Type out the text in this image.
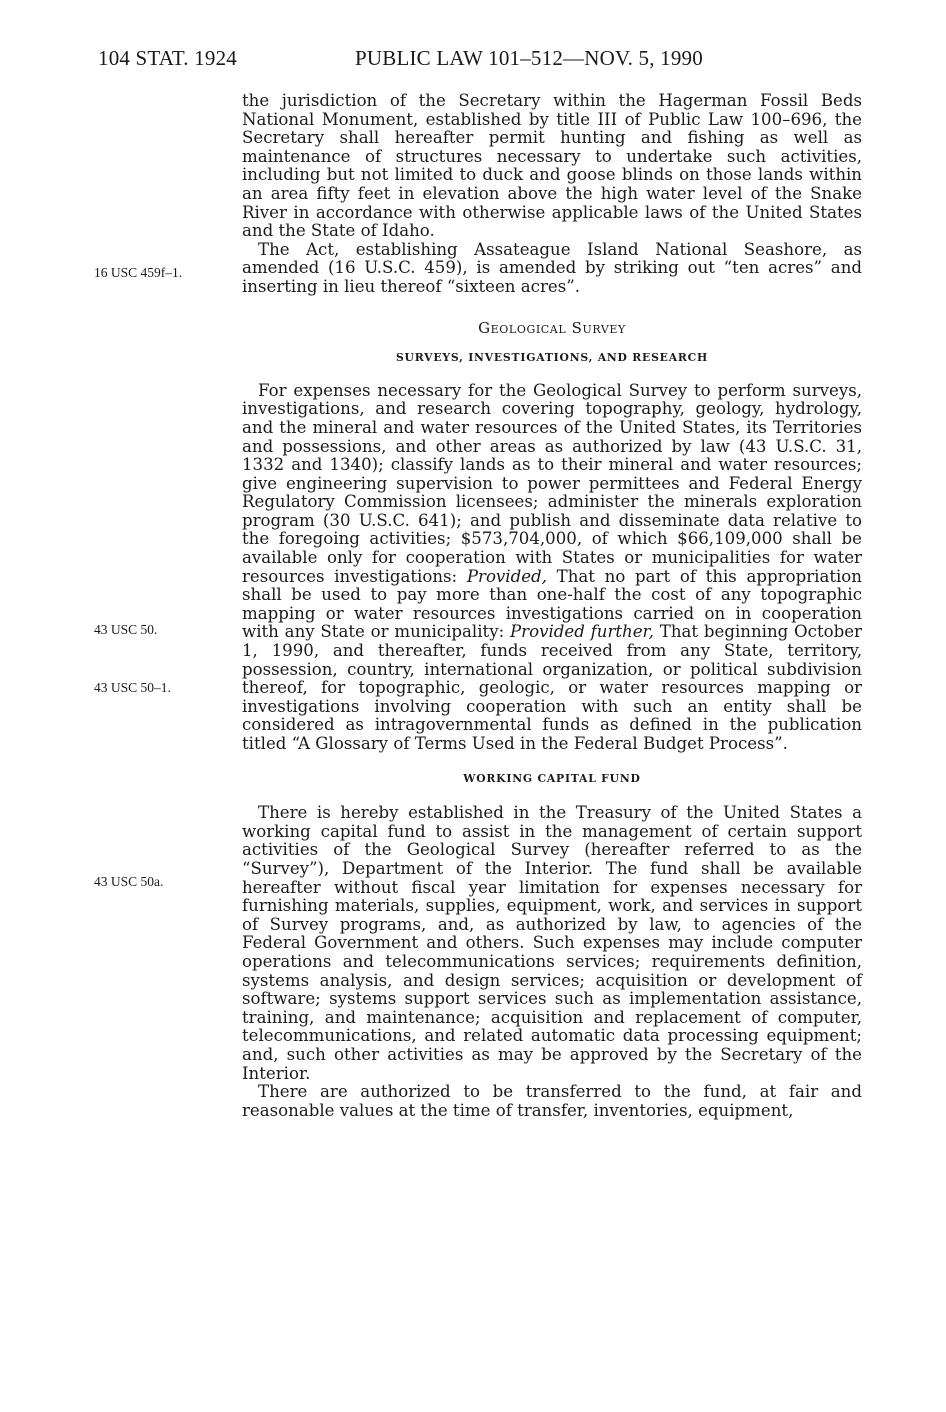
104 STAT. 1924	PUBLIC LAW 101–512—NOV. 5, 1990
16 USC 459f–1.
43 USC 50.
43 USC 50–1.
43 USC 50a.

the jurisdiction of the Secretary within the Hagerman Fossil Beds National Monument, established by title III of Public Law 100–696, the Secretary shall hereafter permit hunting and fishing as well as maintenance of structures necessary to undertake such activities, including but not limited to duck and goose blinds on those lands within an area fifty feet in elevation above the high water level of the Snake River in accordance with otherwise applicable laws of the United States and the State of Idaho.

The Act, establishing Assateague Island National Seashore, as amended (16 U.S.C. 459), is amended by striking out “ten acres” and inserting in lieu thereof “sixteen acres”.

Geological Survey
SURVEYS, INVESTIGATIONS, AND RESEARCH

For expenses necessary for the Geological Survey to perform surveys, investigations, and research covering topography, geology, hydrology, and the mineral and water resources of the United States, its Territories and possessions, and other areas as authorized by law (43 U.S.C. 31, 1332 and 1340); classify lands as to their mineral and water resources; give engineering supervision to power permittees and Federal Energy Regulatory Commission licensees; administer the minerals exploration program (30 U.S.C. 641); and publish and disseminate data relative to the foregoing activities; $573,704,000, of which $66,109,000 shall be available only for cooperation with States or municipalities for water resources investigations: Provided, That no part of this appropriation shall be used to pay more than one-half the cost of any topographic mapping or water resources investigations carried on in cooperation with any State or municipality: Provided further, That beginning October 1, 1990, and thereafter, funds received from any State, territory, possession, country, international organization, or political subdivision thereof, for topographic, geologic, or water resources mapping or investigations involving cooperation with such an entity shall be considered as intragovernmental funds as defined in the publication titled “A Glossary of Terms Used in the Federal Budget Process”.

WORKING CAPITAL FUND

There is hereby established in the Treasury of the United States a working capital fund to assist in the management of certain support activities of the Geological Survey (hereafter referred to as the “Survey”), Department of the Interior. The fund shall be available hereafter without fiscal year limitation for expenses necessary for furnishing materials, supplies, equipment, work, and services in support of Survey programs, and, as authorized by law, to agencies of the Federal Government and others. Such expenses may include computer operations and telecommunications services; requirements definition, systems analysis, and design services; acquisition or development of software; systems support services such as implementation assistance, training, and maintenance; acquisition and replacement of computer, telecommunications, and related automatic data processing equipment; and, such other activities as may be approved by the Secretary of the Interior.

There are authorized to be transferred to the fund, at fair and reasonable values at the time of transfer, inventories, equipment,
